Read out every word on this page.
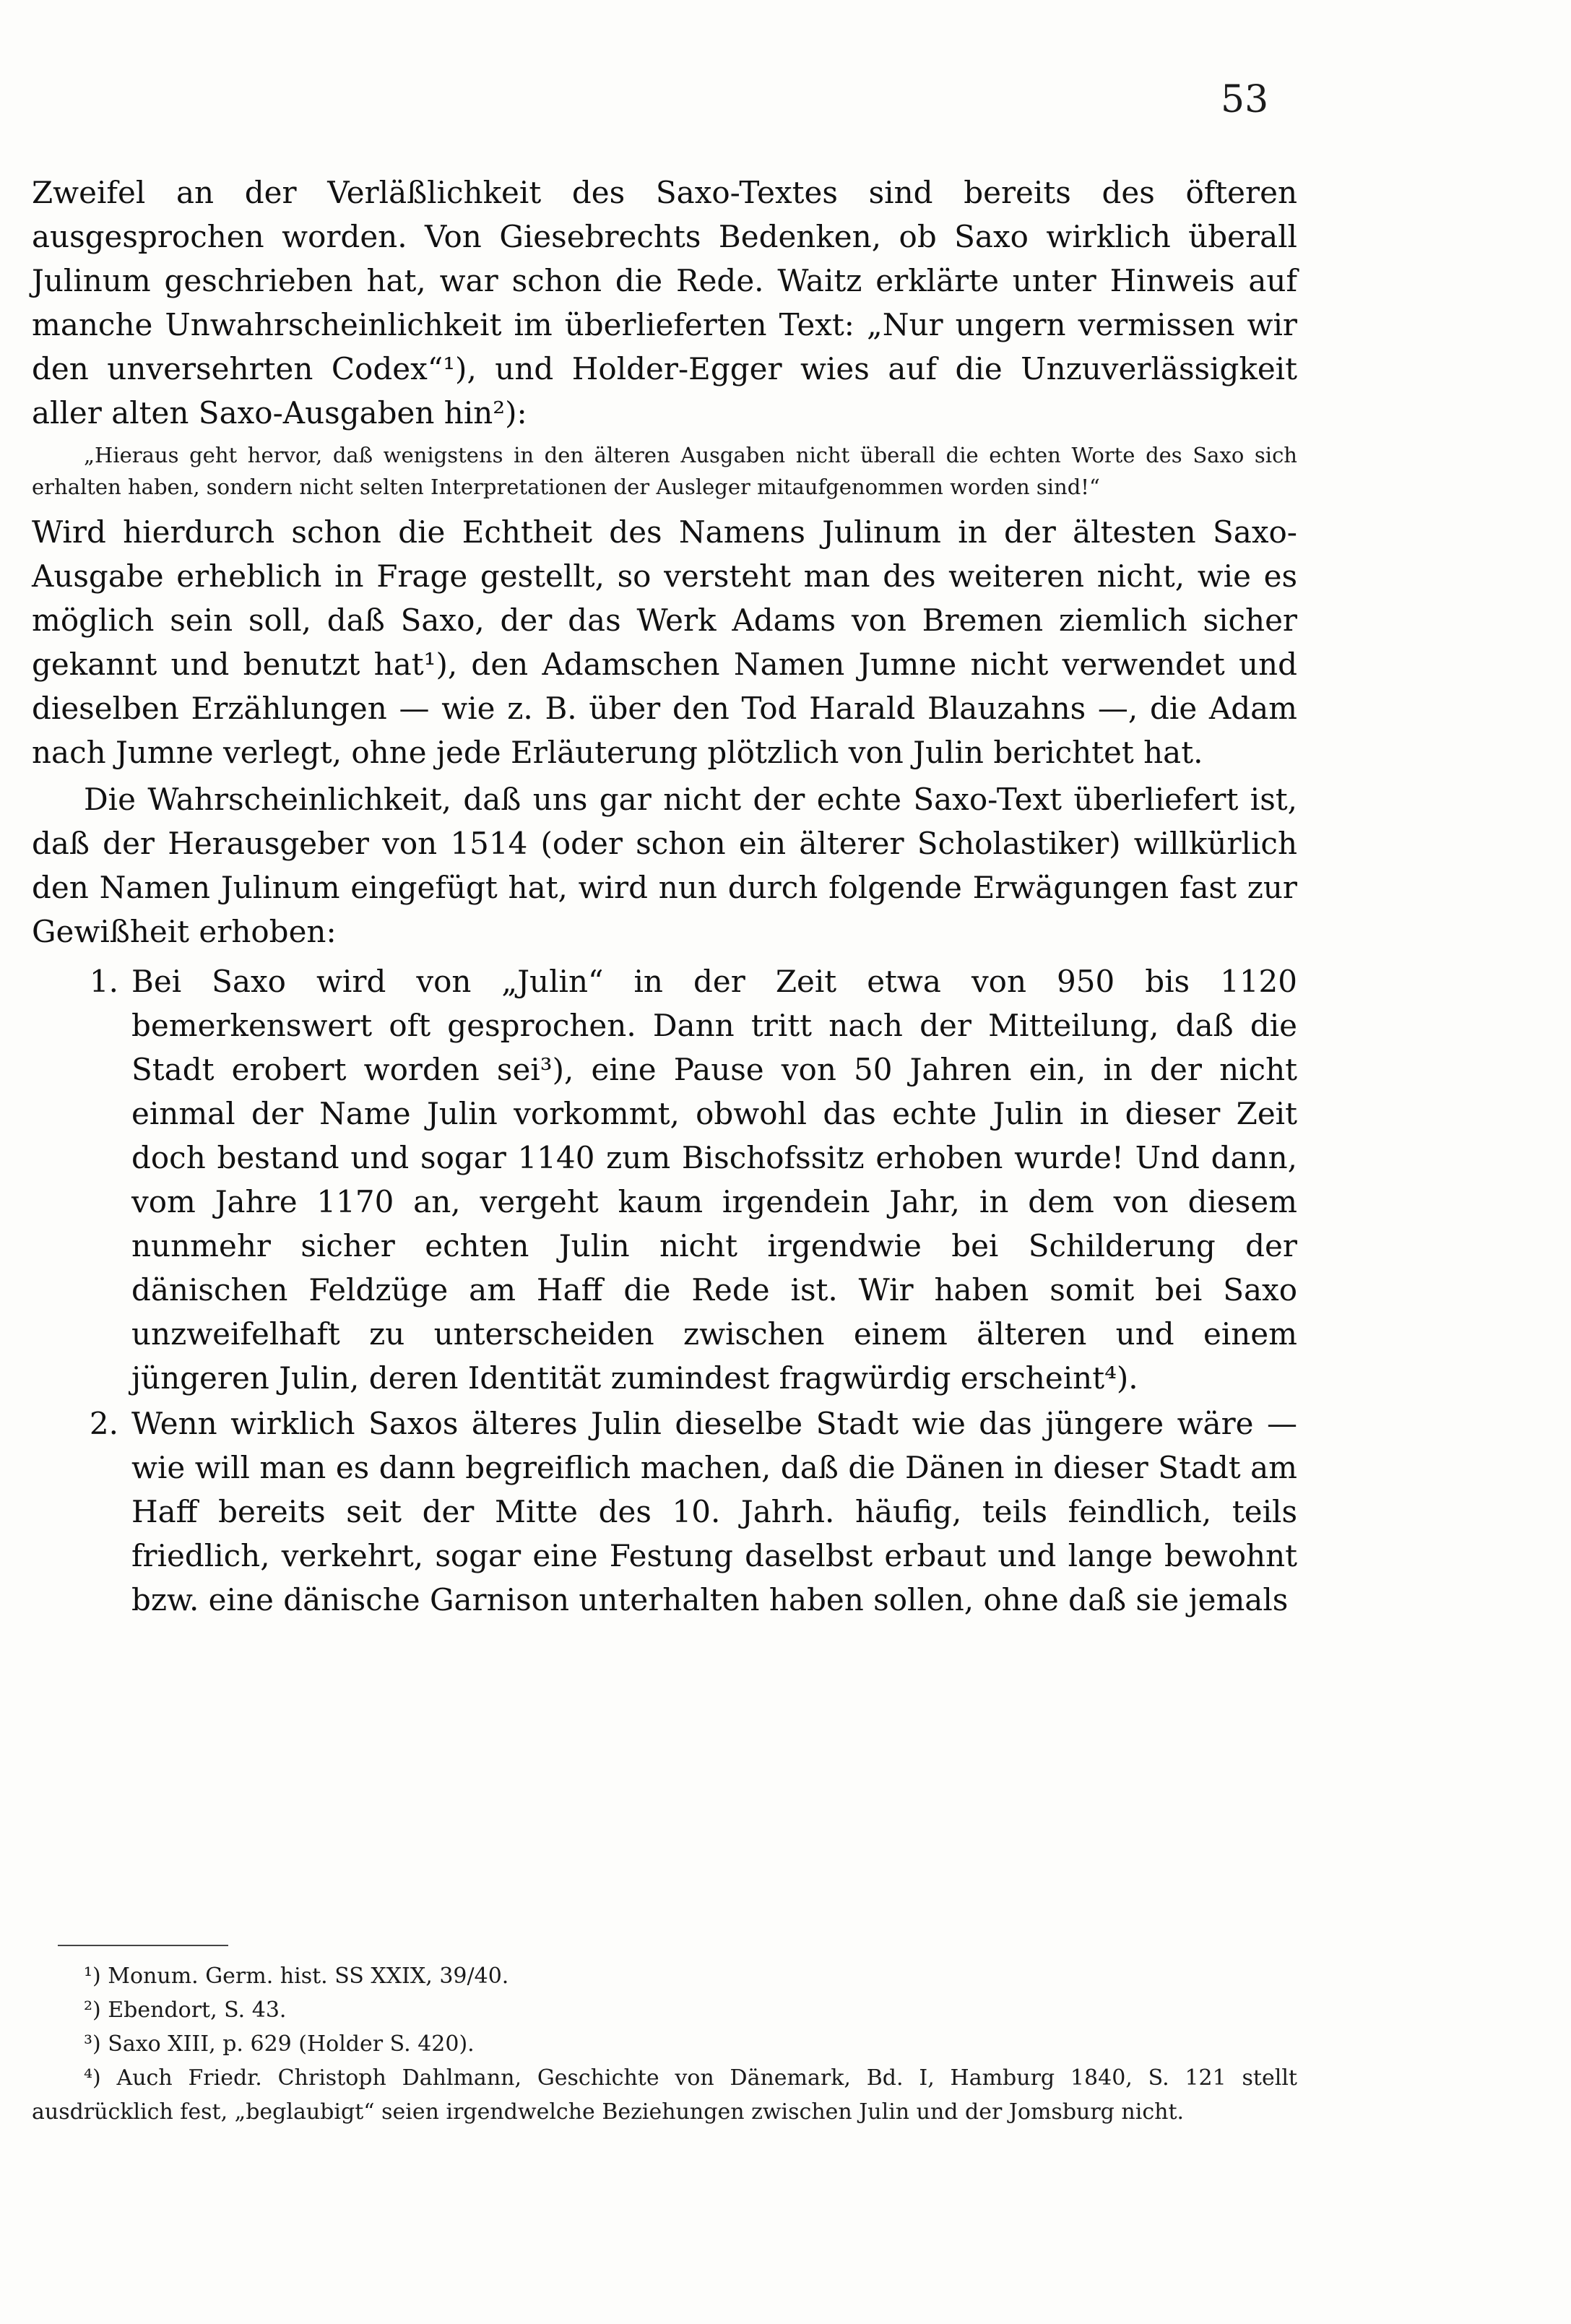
53

Zweifel an der Verläßlichkeit des Saxo-Textes sind bereits des öfteren ausgesprochen worden. Von Giesebrechts Bedenken, ob Saxo wirklich überall Julinum geschrieben hat, war schon die Rede. Waitz erklärte unter Hinweis auf manche Unwahrscheinlichkeit im überlieferten Text: „Nur ungern vermissen wir den unversehrten Codex“¹), und Holder-Egger wies auf die Unzuverlässigkeit aller alten Saxo-Ausgaben hin²):

„Hieraus geht hervor, daß wenigstens in den älteren Ausgaben nicht überall die echten Worte des Saxo sich erhalten haben, sondern nicht selten Interpretationen der Ausleger mitaufgenommen worden sind!“

Wird hierdurch schon die Echtheit des Namens Julinum in der ältesten Saxo-Ausgabe erheblich in Frage gestellt, so versteht man des weiteren nicht, wie es möglich sein soll, daß Saxo, der das Werk Adams von Bremen ziemlich sicher gekannt und benutzt hat¹), den Adamschen Namen Jumne nicht verwendet und dieselben Erzählungen — wie z. B. über den Tod Harald Blauzahns —, die Adam nach Jumne verlegt, ohne jede Erläuterung plötzlich von Julin berichtet hat.

Die Wahrscheinlichkeit, daß uns gar nicht der echte Saxo-Text überliefert ist, daß der Herausgeber von 1514 (oder schon ein älterer Scholastiker) willkürlich den Namen Julinum eingefügt hat, wird nun durch folgende Erwägungen fast zur Gewißheit erhoben:

1. Bei Saxo wird von „Julin“ in der Zeit etwa von 950 bis 1120 bemerkenswert oft gesprochen. Dann tritt nach der Mitteilung, daß die Stadt erobert worden sei³), eine Pause von 50 Jahren ein, in der nicht einmal der Name Julin vorkommt, obwohl das echte Julin in dieser Zeit doch bestand und sogar 1140 zum Bischofssitz erhoben wurde! Und dann, vom Jahre 1170 an, vergeht kaum irgendein Jahr, in dem von diesem nunmehr sicher echten Julin nicht irgendwie bei Schilderung der dänischen Feldzüge am Haff die Rede ist. Wir haben somit bei Saxo unzweifelhaft zu unterscheiden zwischen einem älteren und einem jüngeren Julin, deren Identität zumindest fragwürdig erscheint⁴).

2. Wenn wirklich Saxos älteres Julin dieselbe Stadt wie das jüngere wäre — wie will man es dann begreiflich machen, daß die Dänen in dieser Stadt am Haff bereits seit der Mitte des 10. Jahrh. häufig, teils feindlich, teils friedlich, verkehrt, sogar eine Festung daselbst erbaut und lange bewohnt bzw. eine dänische Garnison unterhalten haben sollen, ohne daß sie jemals

¹) Monum. Germ. hist. SS XXIX, 39/40.

²) Ebendort, S. 43.

³) Saxo XIII, p. 629 (Holder S. 420).

⁴) Auch Friedr. Christoph Dahlmann, Geschichte von Dänemark, Bd. I, Hamburg 1840, S. 121 stellt ausdrücklich fest, „beglaubigt“ seien irgendwelche Beziehungen zwischen Julin und der Jomsburg nicht.
